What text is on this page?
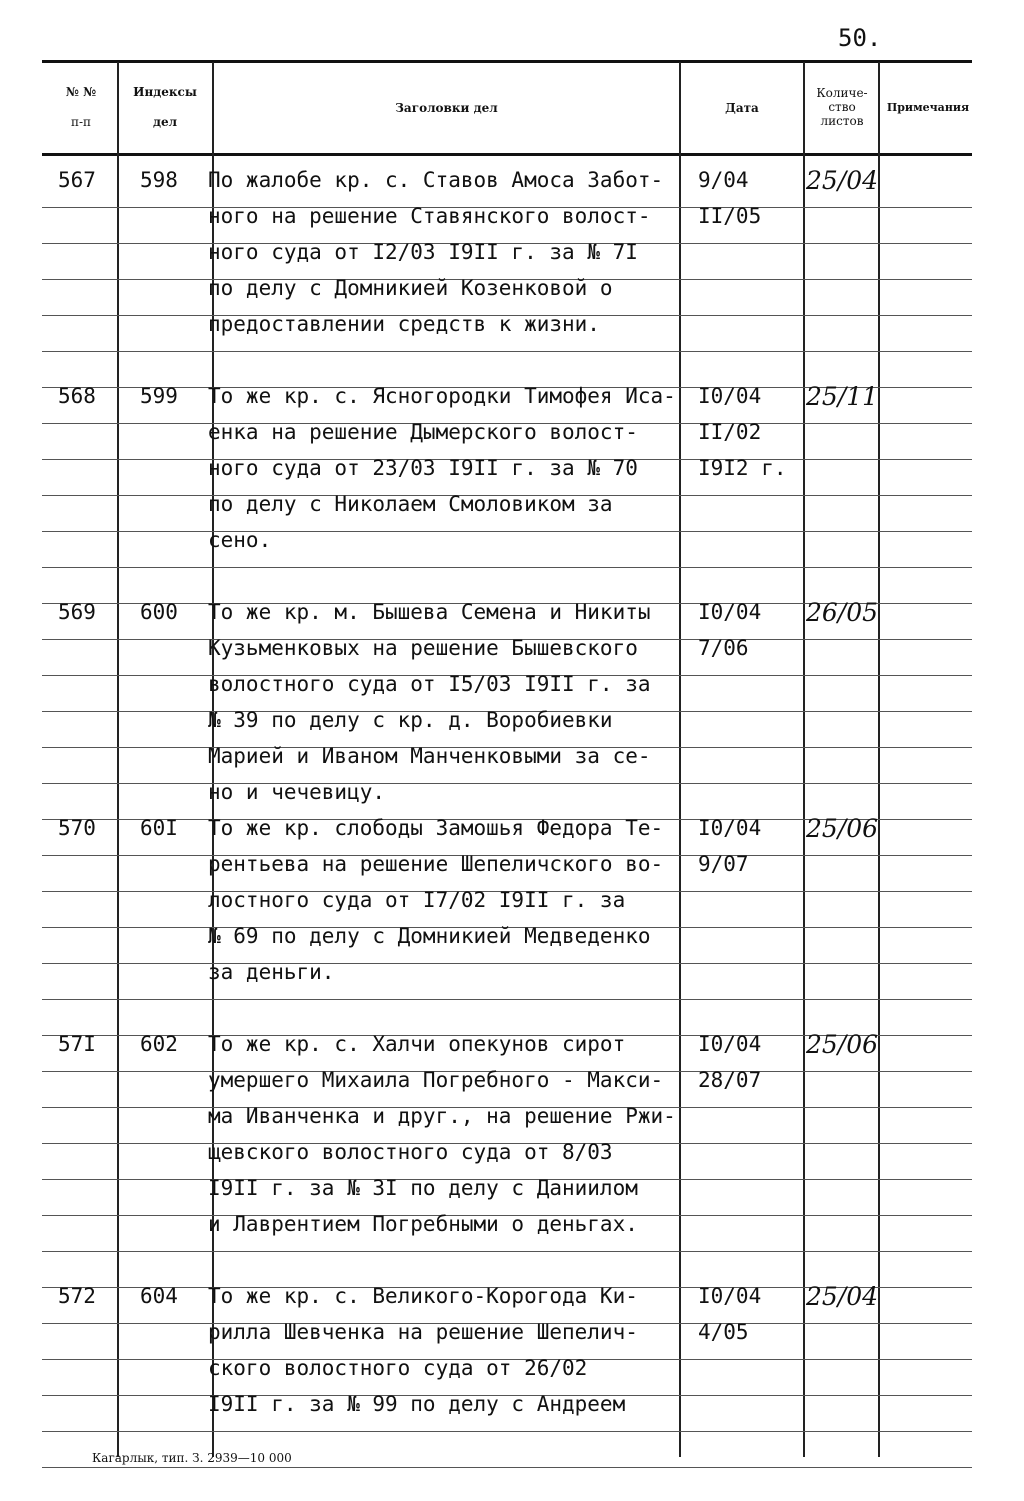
50.
№ №
п-п
Индексы
дел
Заголовки дел	Дата
Количе-
ство
листов
Примечания
567 598 По жалобе кр. с. Ставов Амоса Забот-
ного на решение Ставянского волост-
ного суда от I2/03 I9II г. за № 7I
по делу с Домникией Козенковой о
предоставлении средств к жизни.
9/04
II/05
25/04
568 599 То же кр. с. Ясногородки Тимофея Иса-
енка на решение Дымерского волост-
ного суда от 23/03 I9II г. за № 70
по делу с Николаем Смоловиком за
сено.
I0/04
II/02
I9I2 г.
25/11
569 600 То же кр. м. Бышева Семена и Никиты
Кузьменковых на решение Бышевского
волостного суда от I5/03 I9II г. за
№ 39 по делу с кр. д. Воробиевки
Марией и Иваном Манченковыми за се-
но и чечевицу.
I0/04
7/06
26/05
570 60I То же кр. слободы Замошья Федора Те-
рентьева на решение Шепеличского во-
лостного суда от I7/02 I9II г. за
№ 69 по делу с Домникией Медведенко
за деньги.
I0/04
9/07
25/06
57I 602 То же кр. с. Халчи опекунов сирот
умершего Михаила Погребного - Макси-
ма Иванченка и друг., на решение Ржи-
щевского волостного суда от 8/03
I9II г. за № 3I по делу с Даниилом
и Лаврентием Погребными о деньгах.
I0/04
28/07
25/06
572 604 То же кр. с. Великого-Корогода Ки-
рилла Шевченка на решение Шепелич-
ского волостного суда от 26/02
I9II г. за № 99 по делу с Андреем
I0/04
4/05
25/04
Кагарлык, тип. З. 2939—10 000
